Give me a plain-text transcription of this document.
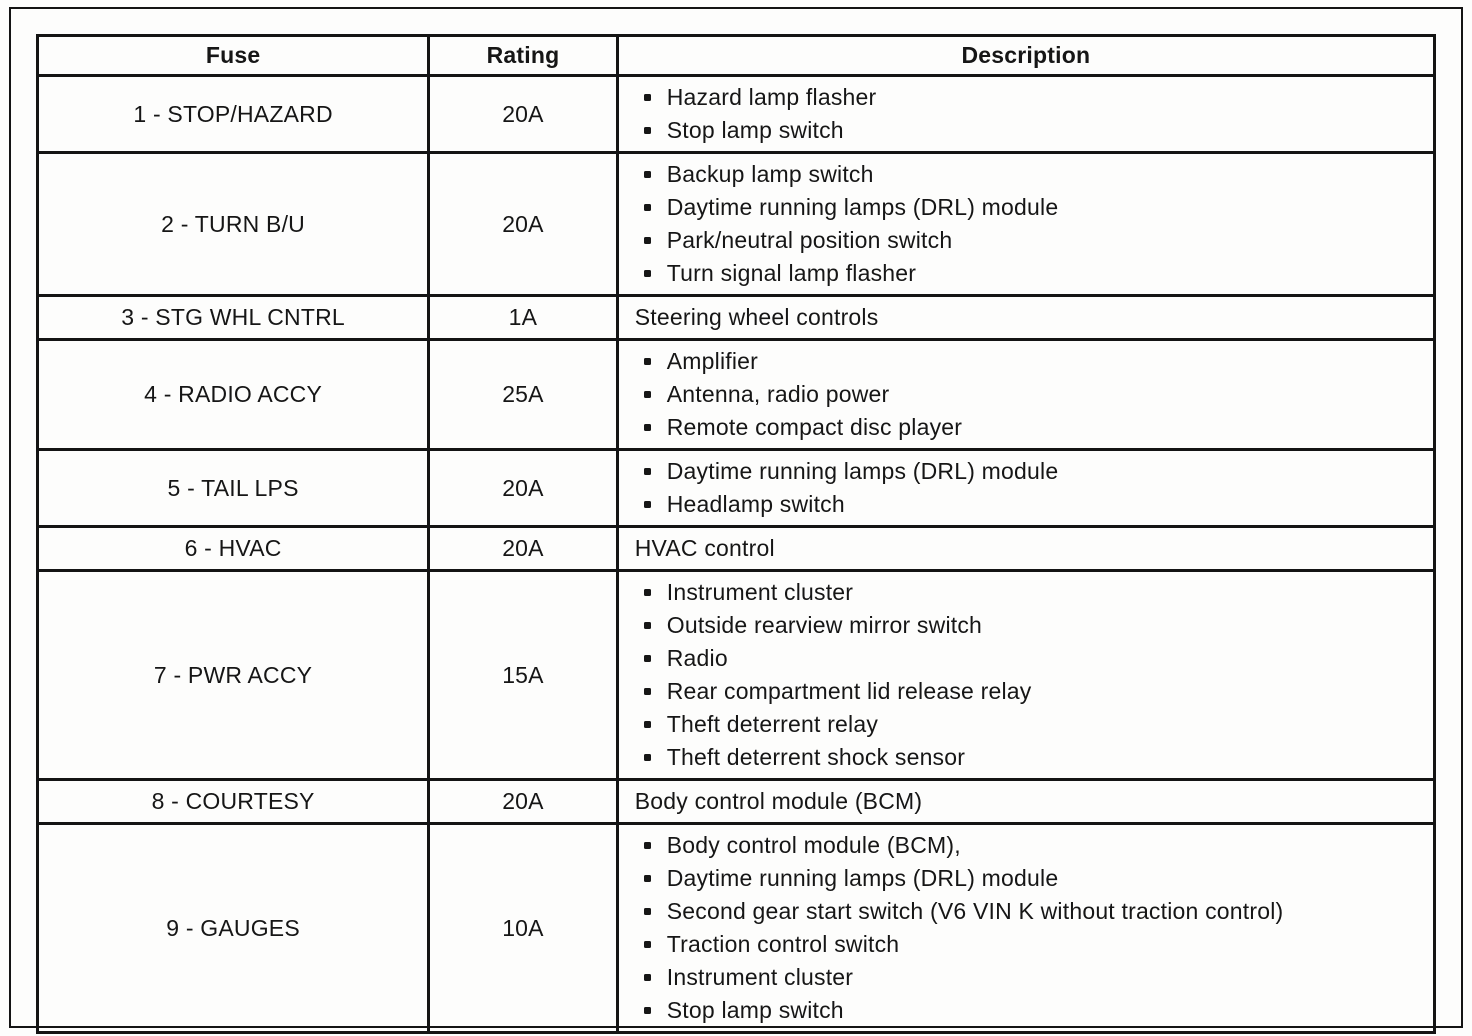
Fuse	Rating	Description
1 - STOP/HAZARD	20A	
Hazard lamp flasher
Stop lamp switch

2 - TURN B/U	20A	
Backup lamp switch
Daytime running lamps (DRL) module
Park/neutral position switch
Turn signal lamp flasher

3 - STG WHL CNTRL	1A	Steering wheel controls

4 - RADIO ACCY	25A	
Amplifier
Antenna, radio power
Remote compact disc player

5 - TAIL LPS	20A	
Daytime running lamps (DRL) module
Headlamp switch

6 - HVAC	20A	HVAC control

7 - PWR ACCY	15A	
Instrument cluster
Outside rearview mirror switch
Radio
Rear compartment lid release relay
Theft deterrent relay
Theft deterrent shock sensor

8 - COURTESY	20A	Body control module (BCM)

9 - GAUGES	10A	
Body control module (BCM),
Daytime running lamps (DRL) module
Second gear start switch (V6 VIN K without traction control)
Traction control switch
Instrument cluster
Stop lamp switch
